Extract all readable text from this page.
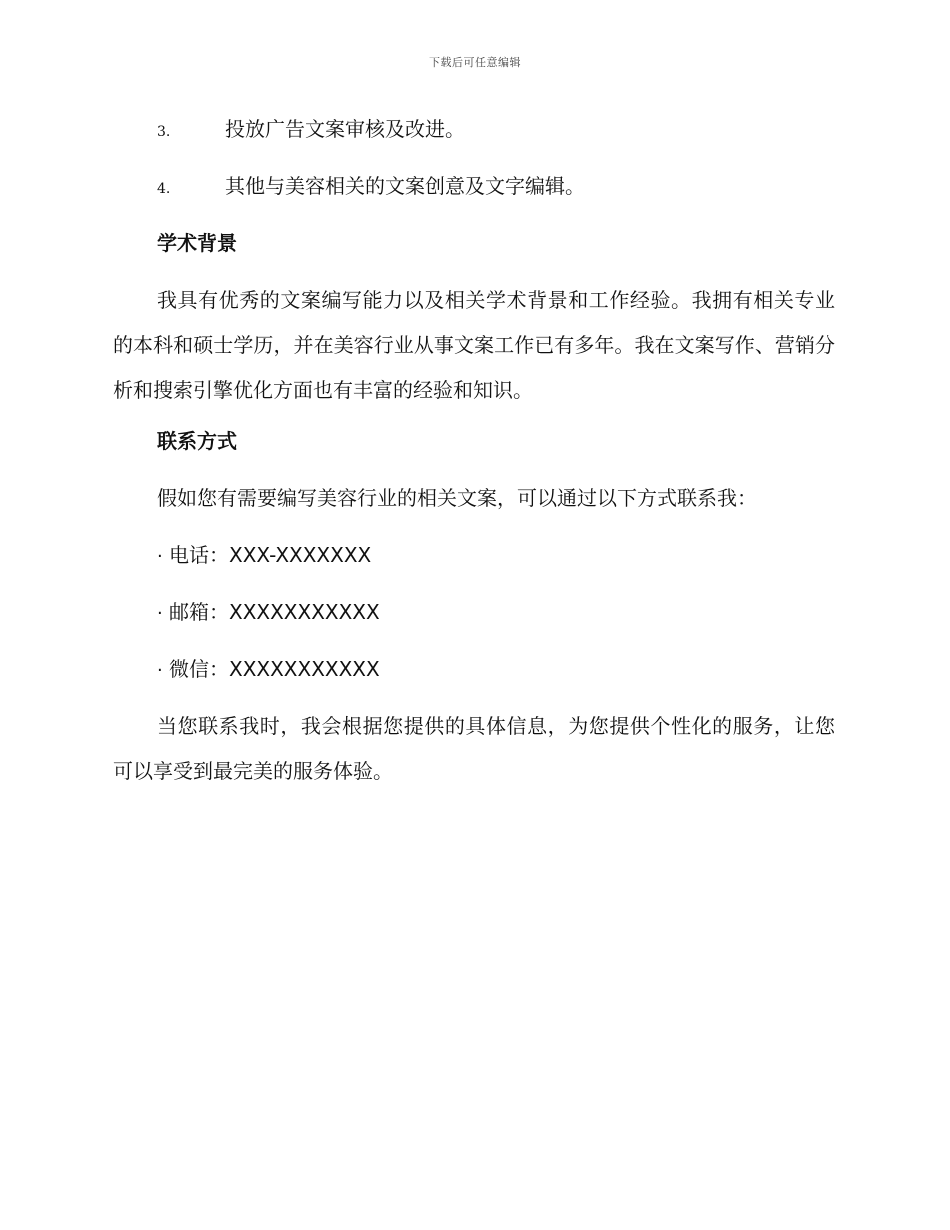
下载后可任意编辑
3.	投放广告文案审核及改进。
4.	其他与美容相关的文案创意及文字编辑。
学术背景

我具有优秀的文案编写能力以及相关学术背景和工作经验。我拥有相关专业的本科和硕士学历，并在美容行业从事文案工作已有多年。我在文案写作、营销分析和搜索引擎优化方面也有丰富的经验和知识。

联系方式
假如您有需要编写美容行业的相关文案，可以通过以下方式联系我：
· 电话：XXX-XXXXXXX
· 邮箱：XXXXXXXXXXX
· 微信：XXXXXXXXXXX

当您联系我时，我会根据您提供的具体信息，为您提供个性化的服务，让您可以享受到最完美的服务体验。
